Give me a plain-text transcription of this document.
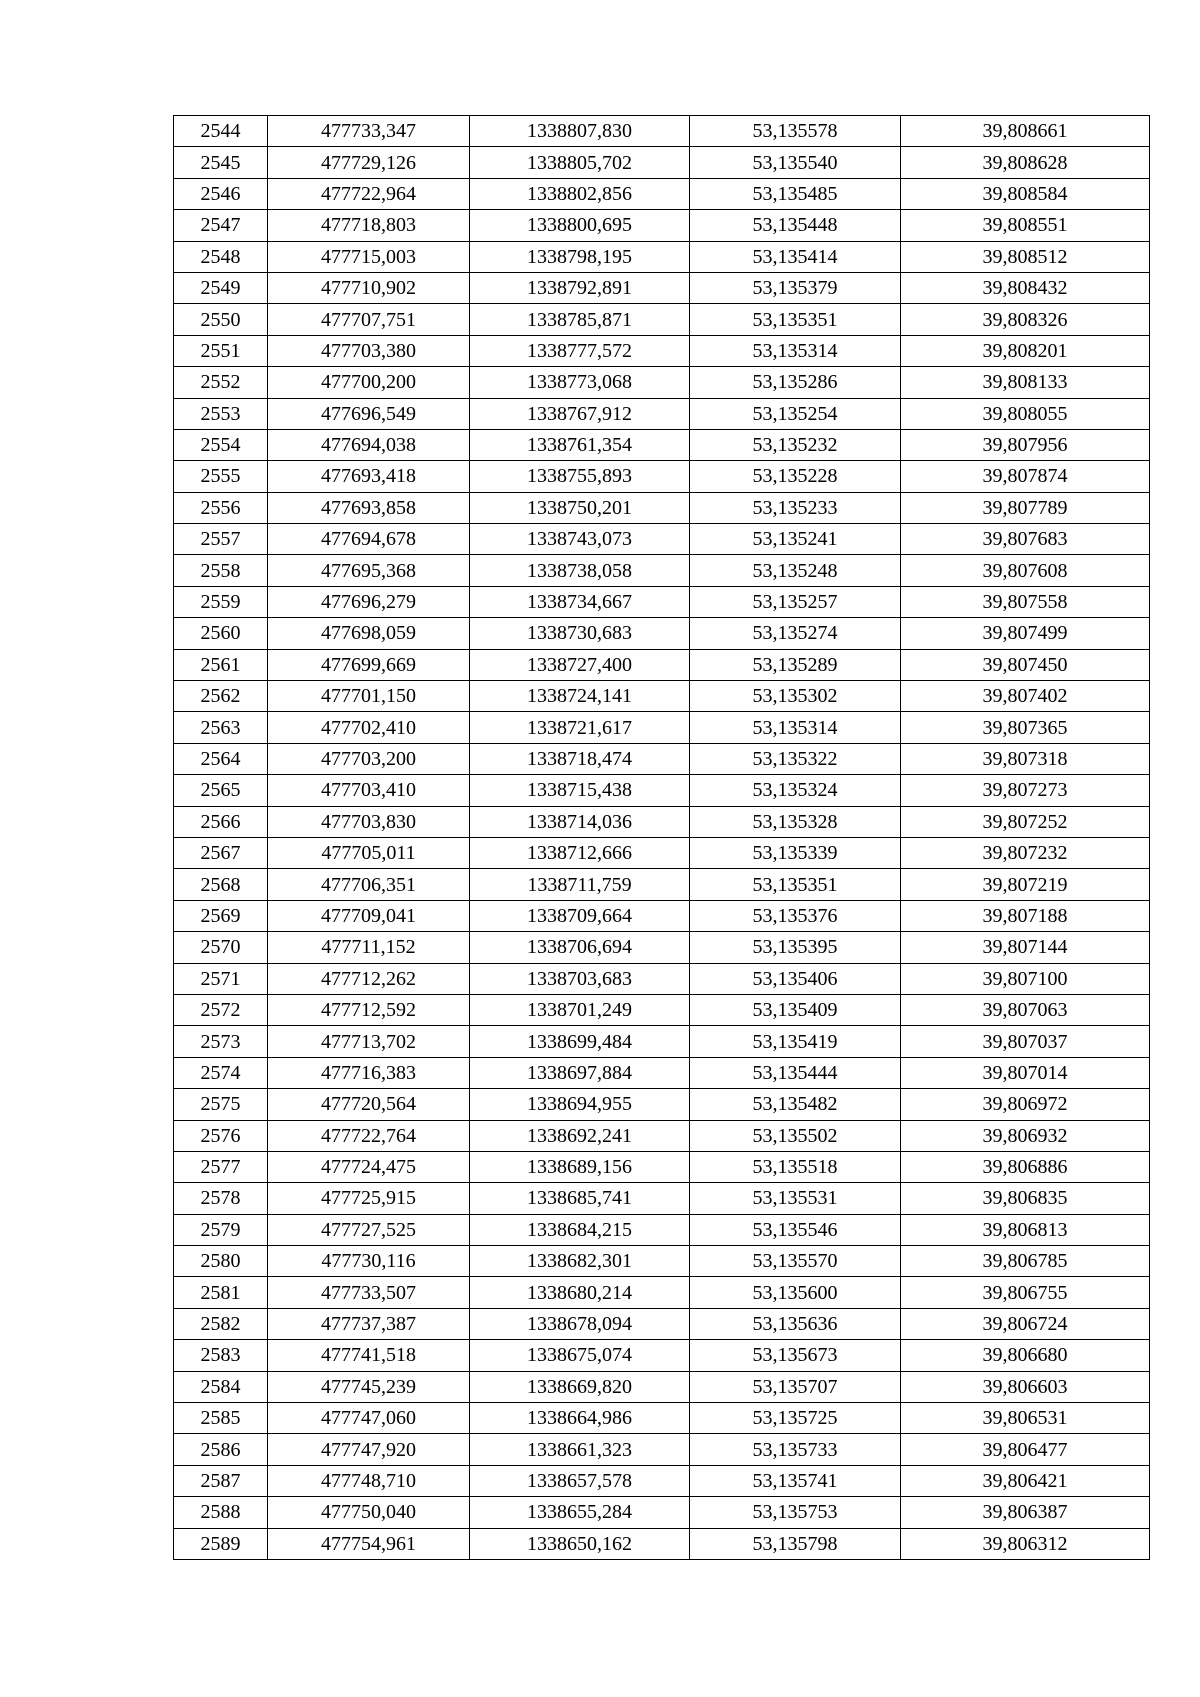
2544	477733,347	1338807,830	53,135578	39,808661
2545	477729,126	1338805,702	53,135540	39,808628
2546	477722,964	1338802,856	53,135485	39,808584
2547	477718,803	1338800,695	53,135448	39,808551
2548	477715,003	1338798,195	53,135414	39,808512
2549	477710,902	1338792,891	53,135379	39,808432
2550	477707,751	1338785,871	53,135351	39,808326
2551	477703,380	1338777,572	53,135314	39,808201
2552	477700,200	1338773,068	53,135286	39,808133
2553	477696,549	1338767,912	53,135254	39,808055
2554	477694,038	1338761,354	53,135232	39,807956
2555	477693,418	1338755,893	53,135228	39,807874
2556	477693,858	1338750,201	53,135233	39,807789
2557	477694,678	1338743,073	53,135241	39,807683
2558	477695,368	1338738,058	53,135248	39,807608
2559	477696,279	1338734,667	53,135257	39,807558
2560	477698,059	1338730,683	53,135274	39,807499
2561	477699,669	1338727,400	53,135289	39,807450
2562	477701,150	1338724,141	53,135302	39,807402
2563	477702,410	1338721,617	53,135314	39,807365
2564	477703,200	1338718,474	53,135322	39,807318
2565	477703,410	1338715,438	53,135324	39,807273
2566	477703,830	1338714,036	53,135328	39,807252
2567	477705,011	1338712,666	53,135339	39,807232
2568	477706,351	1338711,759	53,135351	39,807219
2569	477709,041	1338709,664	53,135376	39,807188
2570	477711,152	1338706,694	53,135395	39,807144
2571	477712,262	1338703,683	53,135406	39,807100
2572	477712,592	1338701,249	53,135409	39,807063
2573	477713,702	1338699,484	53,135419	39,807037
2574	477716,383	1338697,884	53,135444	39,807014
2575	477720,564	1338694,955	53,135482	39,806972
2576	477722,764	1338692,241	53,135502	39,806932
2577	477724,475	1338689,156	53,135518	39,806886
2578	477725,915	1338685,741	53,135531	39,806835
2579	477727,525	1338684,215	53,135546	39,806813
2580	477730,116	1338682,301	53,135570	39,806785
2581	477733,507	1338680,214	53,135600	39,806755
2582	477737,387	1338678,094	53,135636	39,806724
2583	477741,518	1338675,074	53,135673	39,806680
2584	477745,239	1338669,820	53,135707	39,806603
2585	477747,060	1338664,986	53,135725	39,806531
2586	477747,920	1338661,323	53,135733	39,806477
2587	477748,710	1338657,578	53,135741	39,806421
2588	477750,040	1338655,284	53,135753	39,806387
2589	477754,961	1338650,162	53,135798	39,806312
